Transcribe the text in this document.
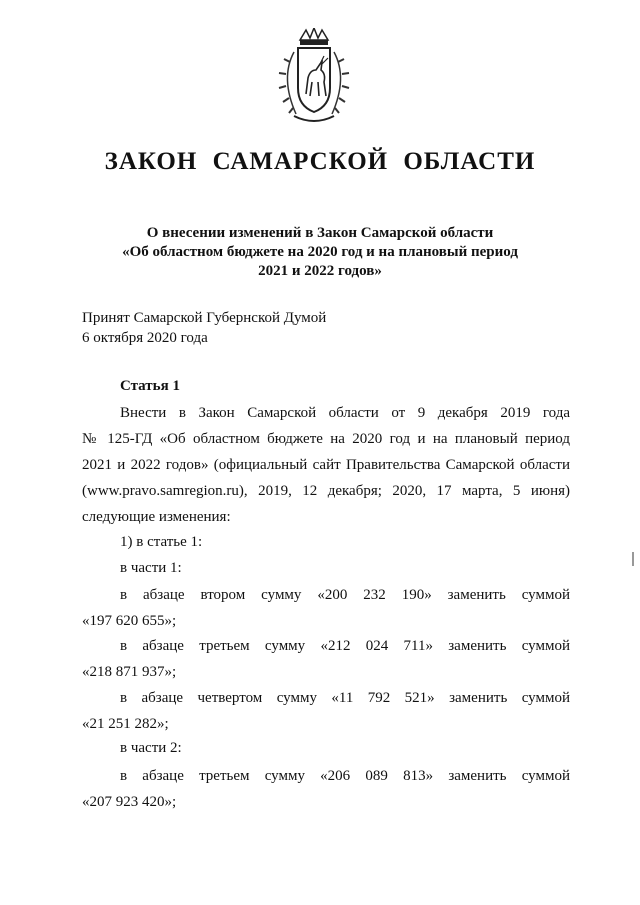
ЗАКОН САМАРСКОЙ ОБЛАСТИ
О внесении изменений в Закон Самарской области
«Об областном бюджете на 2020 год и на плановый период
2021 и 2022 годов»
Принят Самарской Губернской Думой
6 октября 2020 года
Статья 1
Внести в Закон Самарской области от 9 декабря 2019 года
№ 125-ГД «Об областном бюджете на 2020 год и на плановый период
2021 и 2022 годов» (официальный сайт Правительства Самарской области
(www.pravo.samregion.ru), 2019, 12 декабря; 2020, 17 марта, 5 июня)
следующие изменения:
1) в статье 1:
в части 1:
в абзаце втором сумму «200 232 190» заменить суммой
«197 620 655»;
в абзаце третьем сумму «212 024 711» заменить суммой
«218 871 937»;
в абзаце четвертом сумму «11 792 521» заменить суммой
«21 251 282»;
в части 2:
в абзаце третьем сумму «206 089 813» заменить суммой
«207 923 420»;
